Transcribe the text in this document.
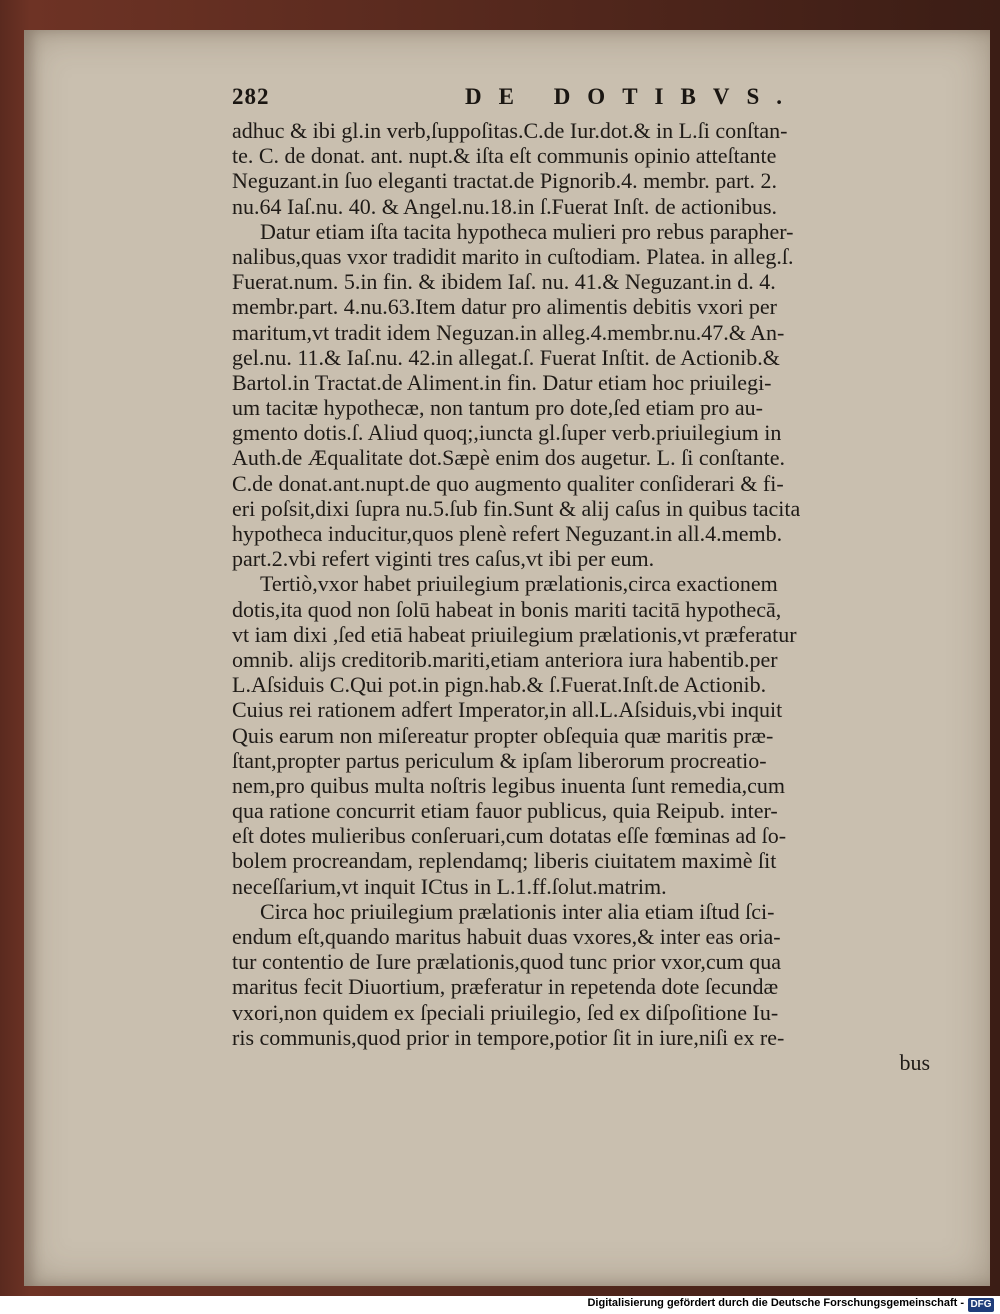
282	DE DOTIBVS.
adhuc & ibi gl.in verb,ſuppoſitas.C.de Iur.dot.& in L.ſi conſtan-
te. C. de donat. ant. nupt.& iſta eſt communis opinio atteſtante
Neguzant.in ſuo eleganti tractat.de Pignorib.4. membr. part. 2.
nu.64 Iaſ.nu. 40. & Angel.nu.18.in ſ.Fuerat Inſt. de actionibus.
Datur etiam iſta tacita hypotheca mulieri pro rebus parapher-
nalibus,quas vxor tradidit marito in cuſtodiam. Platea. in alleg.ſ.
Fuerat.num. 5.in fin. & ibidem Iaſ. nu. 41.& Neguzant.in d. 4.
membr.part. 4.nu.63.Item datur pro alimentis debitis vxori per
maritum,vt tradit idem Neguzan.in alleg.4.membr.nu.47.& An-
gel.nu. 11.& Iaſ.nu. 42.in allegat.ſ. Fuerat Inſtit. de Actionib.&
Bartol.in Tractat.de Aliment.in fin. Datur etiam hoc priuilegi-
um tacitæ hypothecæ, non tantum pro dote,ſed etiam pro au-
gmento dotis.ſ. Aliud quoq;,iuncta gl.ſuper verb.priuilegium in
Auth.de Æqualitate dot.Sæpè enim dos augetur. L. ſi conſtante.
C.de donat.ant.nupt.de quo augmento qualiter conſiderari & fi-
eri poſsit,dixi ſupra nu.5.ſub fin.Sunt & alij caſus in quibus tacita
hypotheca inducitur,quos plenè refert Neguzant.in all.4.memb.
part.2.vbi refert viginti tres caſus,vt ibi per eum.
Tertiò,vxor habet priuilegium prælationis,circa exactionem
dotis,ita quod non ſolū habeat in bonis mariti tacitā hypothecā,
vt iam dixi ,ſed etiā habeat priuilegium prælationis,vt præferatur
omnib. alijs creditorib.mariti,etiam anteriora iura habentib.per
L.Aſsiduis C.Qui pot.in pign.hab.& ſ.Fuerat.Inſt.de Actionib.
Cuius rei rationem adfert Imperator,in all.L.Aſsiduis,vbi inquit
Quis earum non miſereatur propter obſequia quæ maritis præ-
ſtant,propter partus periculum & ipſam liberorum procreatio-
nem,pro quibus multa noſtris legibus inuenta ſunt remedia,cum
qua ratione concurrit etiam fauor publicus, quia Reipub. inter-
eſt dotes mulieribus conſeruari,cum dotatas eſſe fœminas ad ſo-
bolem procreandam, replendamq; liberis ciuitatem maximè ſit
neceſſarium,vt inquit ICtus in L.1.ff.ſolut.matrim.
Circa hoc priuilegium prælationis inter alia etiam iſtud ſci-
endum eſt,quando maritus habuit duas vxores,& inter eas oria-
tur contentio de Iure prælationis,quod tunc prior vxor,cum qua
maritus fecit Diuortium, præferatur in repetenda dote ſecundæ
vxori,non quidem ex ſpeciali priuilegio, ſed ex diſpoſitione Iu-
ris communis,quod prior in tempore,potior ſit in iure,niſi ex re-
bus
Digitalisierung gefördert durch die Deutsche Forschungsgemeinschaft - DFG
